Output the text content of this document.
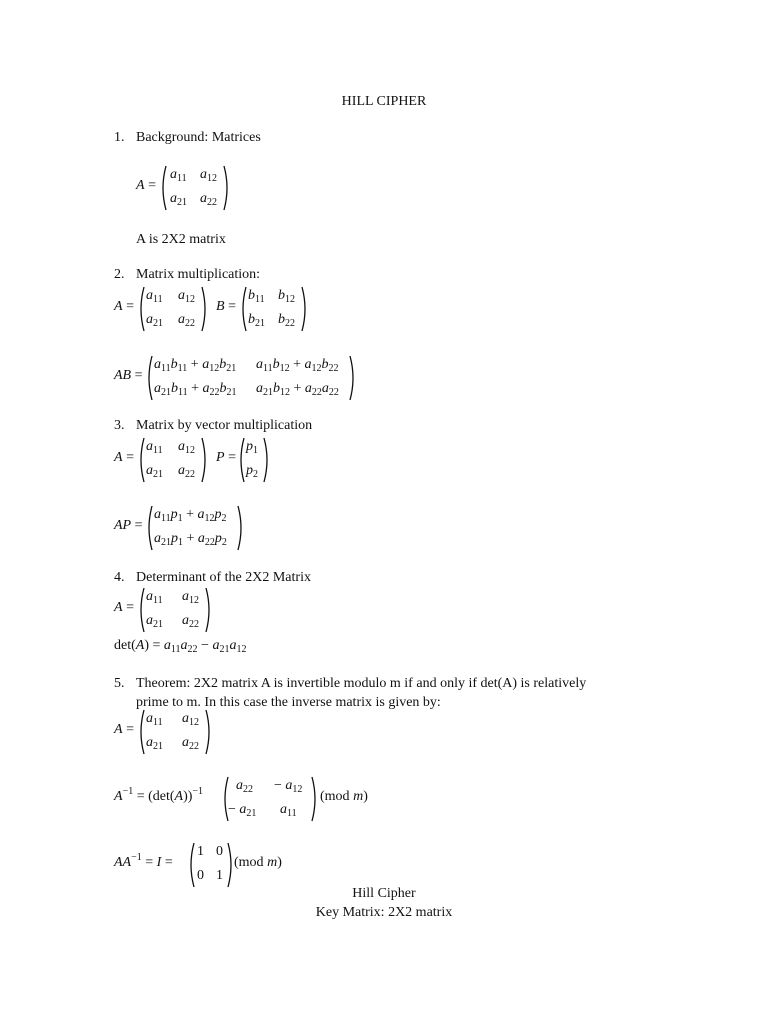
HILL CIPHER
1. Background: Matrices
A =
$a_{11}$ $a_{12}$
$a_{21}$ $a_{22}$
A is 2X2 matrix
2. Matrix multiplication:
A =
$a_{11}$ $a_{12}$
$a_{21}$ $a_{22}$
B =
$b_{11}$ $b_{12}$
$b_{21}$ $b_{22}$
AB =
$a_{11}b_{11} + a_{12}b_{21}$ $a_{11}b_{12} + a_{12}b_{22}$
$a_{21}b_{11} + a_{22}b_{21}$ $a_{21}b_{12} + a_{22}a_{22}$
3. Matrix by vector multiplication
A =
$a_{11}$ $a_{12}$
$a_{21}$ $a_{22}$
P =
$p_1$
$p_2$
AP =
$a_{11}p_1 + a_{12}p_2$
$a_{21}p_1 + a_{22}p_2$
4. Determinant of the 2X2 Matrix
A =
$a_{11}$ $a_{12}$
$a_{21}$ $a_{22}$
$\det(A) = a_{11}a_{22} - a_{21}a_{12}$
5. Theorem: 2X2 matrix A is invertible modulo m if and only if det(A) is relatively
prime to m. In this case the inverse matrix is given by:
A =
$a_{11}$ $a_{12}$
$a_{21}$ $a_{22}$
$A^{-1} = (\det(A))^{-1}$ $a_{22} - a_{12}$
− $a_{21}$ $a_{11}$
(mod m)
$AA^{-1} = I$ =
1 0
0 1
(mod m)
Hill Cipher
Key Matrix: 2X2 matrix
